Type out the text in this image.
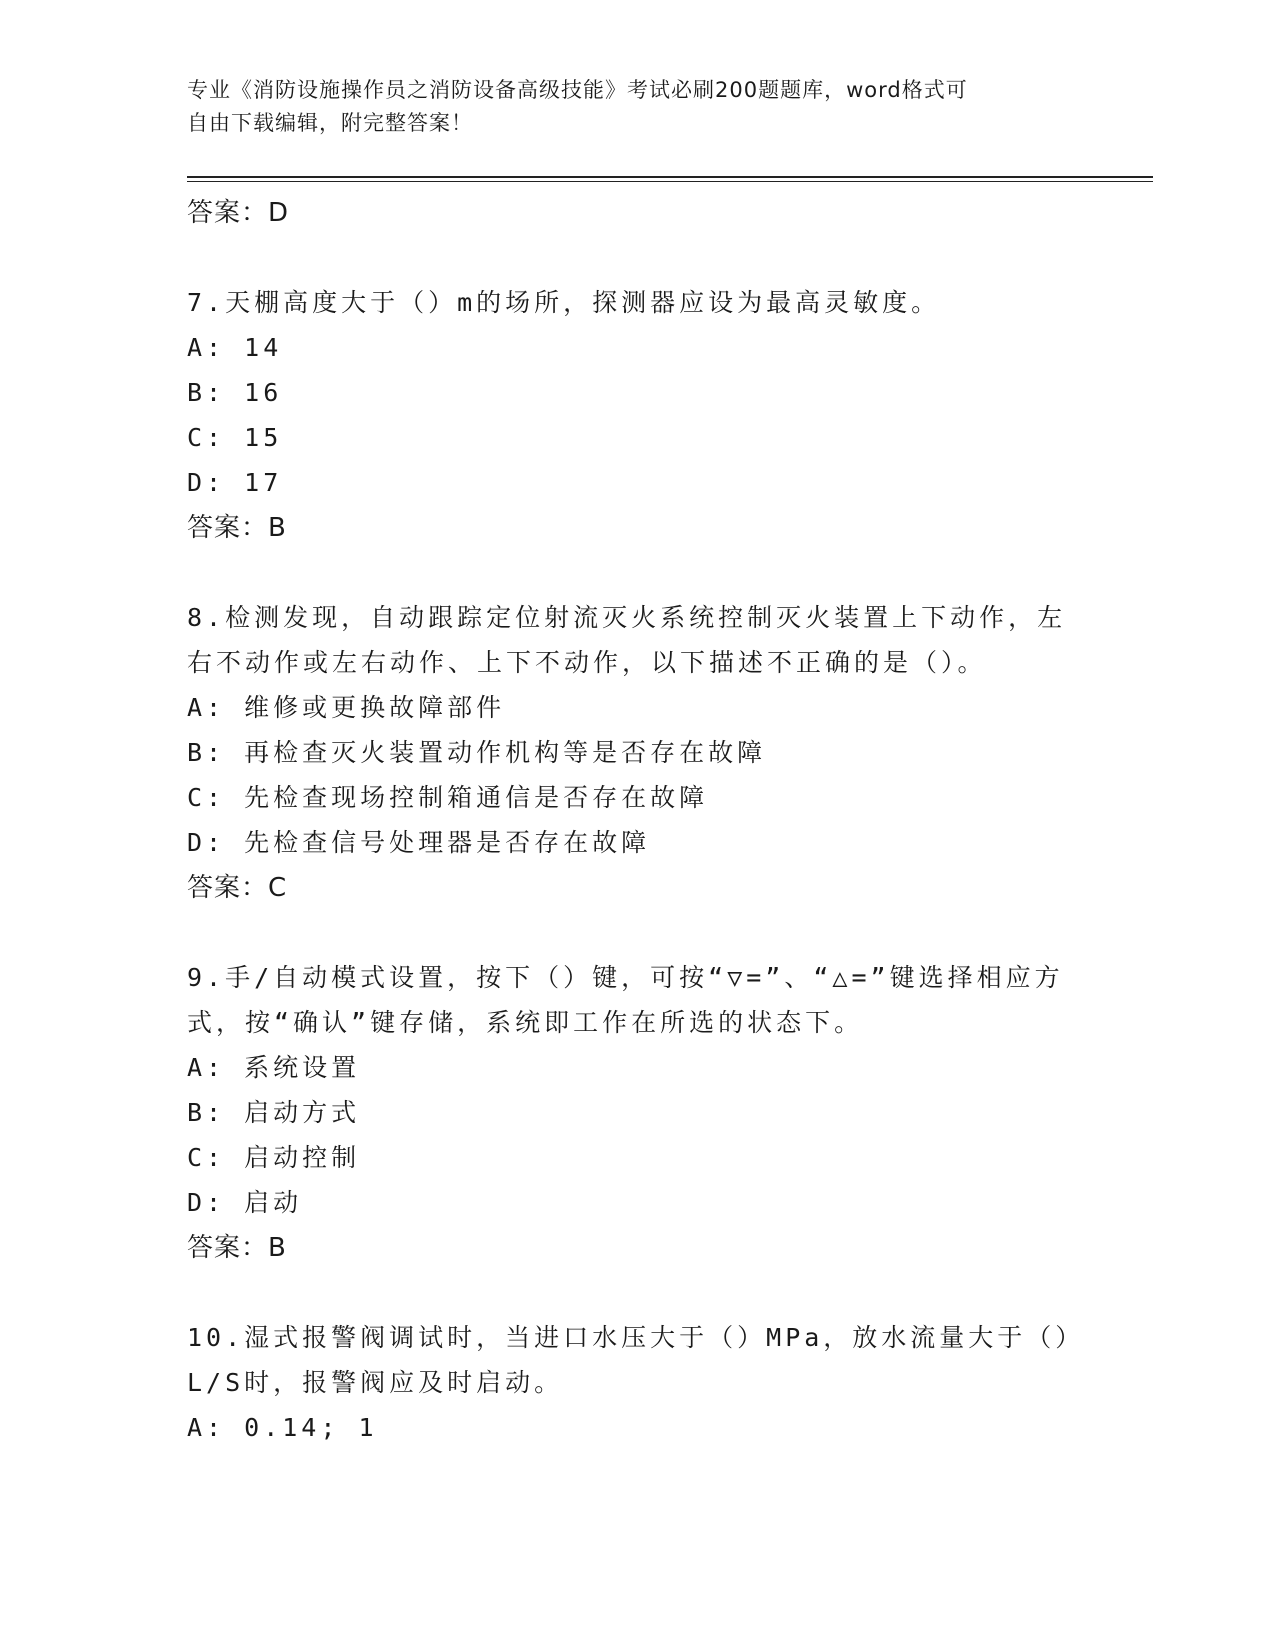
专业《消防设施操作员之消防设备高级技能》考试必刷200题题库，word格式可
自由下载编辑，附完整答案！
答案：D
7.天棚高度大于（）m的场所，探测器应设为最高灵敏度。
A: 14
B: 16
C: 15
D: 17
答案：B
8.检测发现，自动跟踪定位射流灭火系统控制灭火装置上下动作，左右不动作或左右动作、上下不动作，以下描述不正确的是（）。
A: 维修或更换故障部件
B: 再检查灭火装置动作机构等是否存在故障
C: 先检查现场控制箱通信是否存在故障
D: 先检查信号处理器是否存在故障
答案：C
9.手/自动模式设置，按下（）键，可按“▽=”、“△=”键选择相应方式，按“确认”键存储，系统即工作在所选的状态下。
A: 系统设置
B: 启动方式
C: 启动控制
D: 启动
答案：B
10.湿式报警阀调试时，当进口水压大于（）MPa，放水流量大于（）L/S时，报警阀应及时启动。
A: 0.14; 1
